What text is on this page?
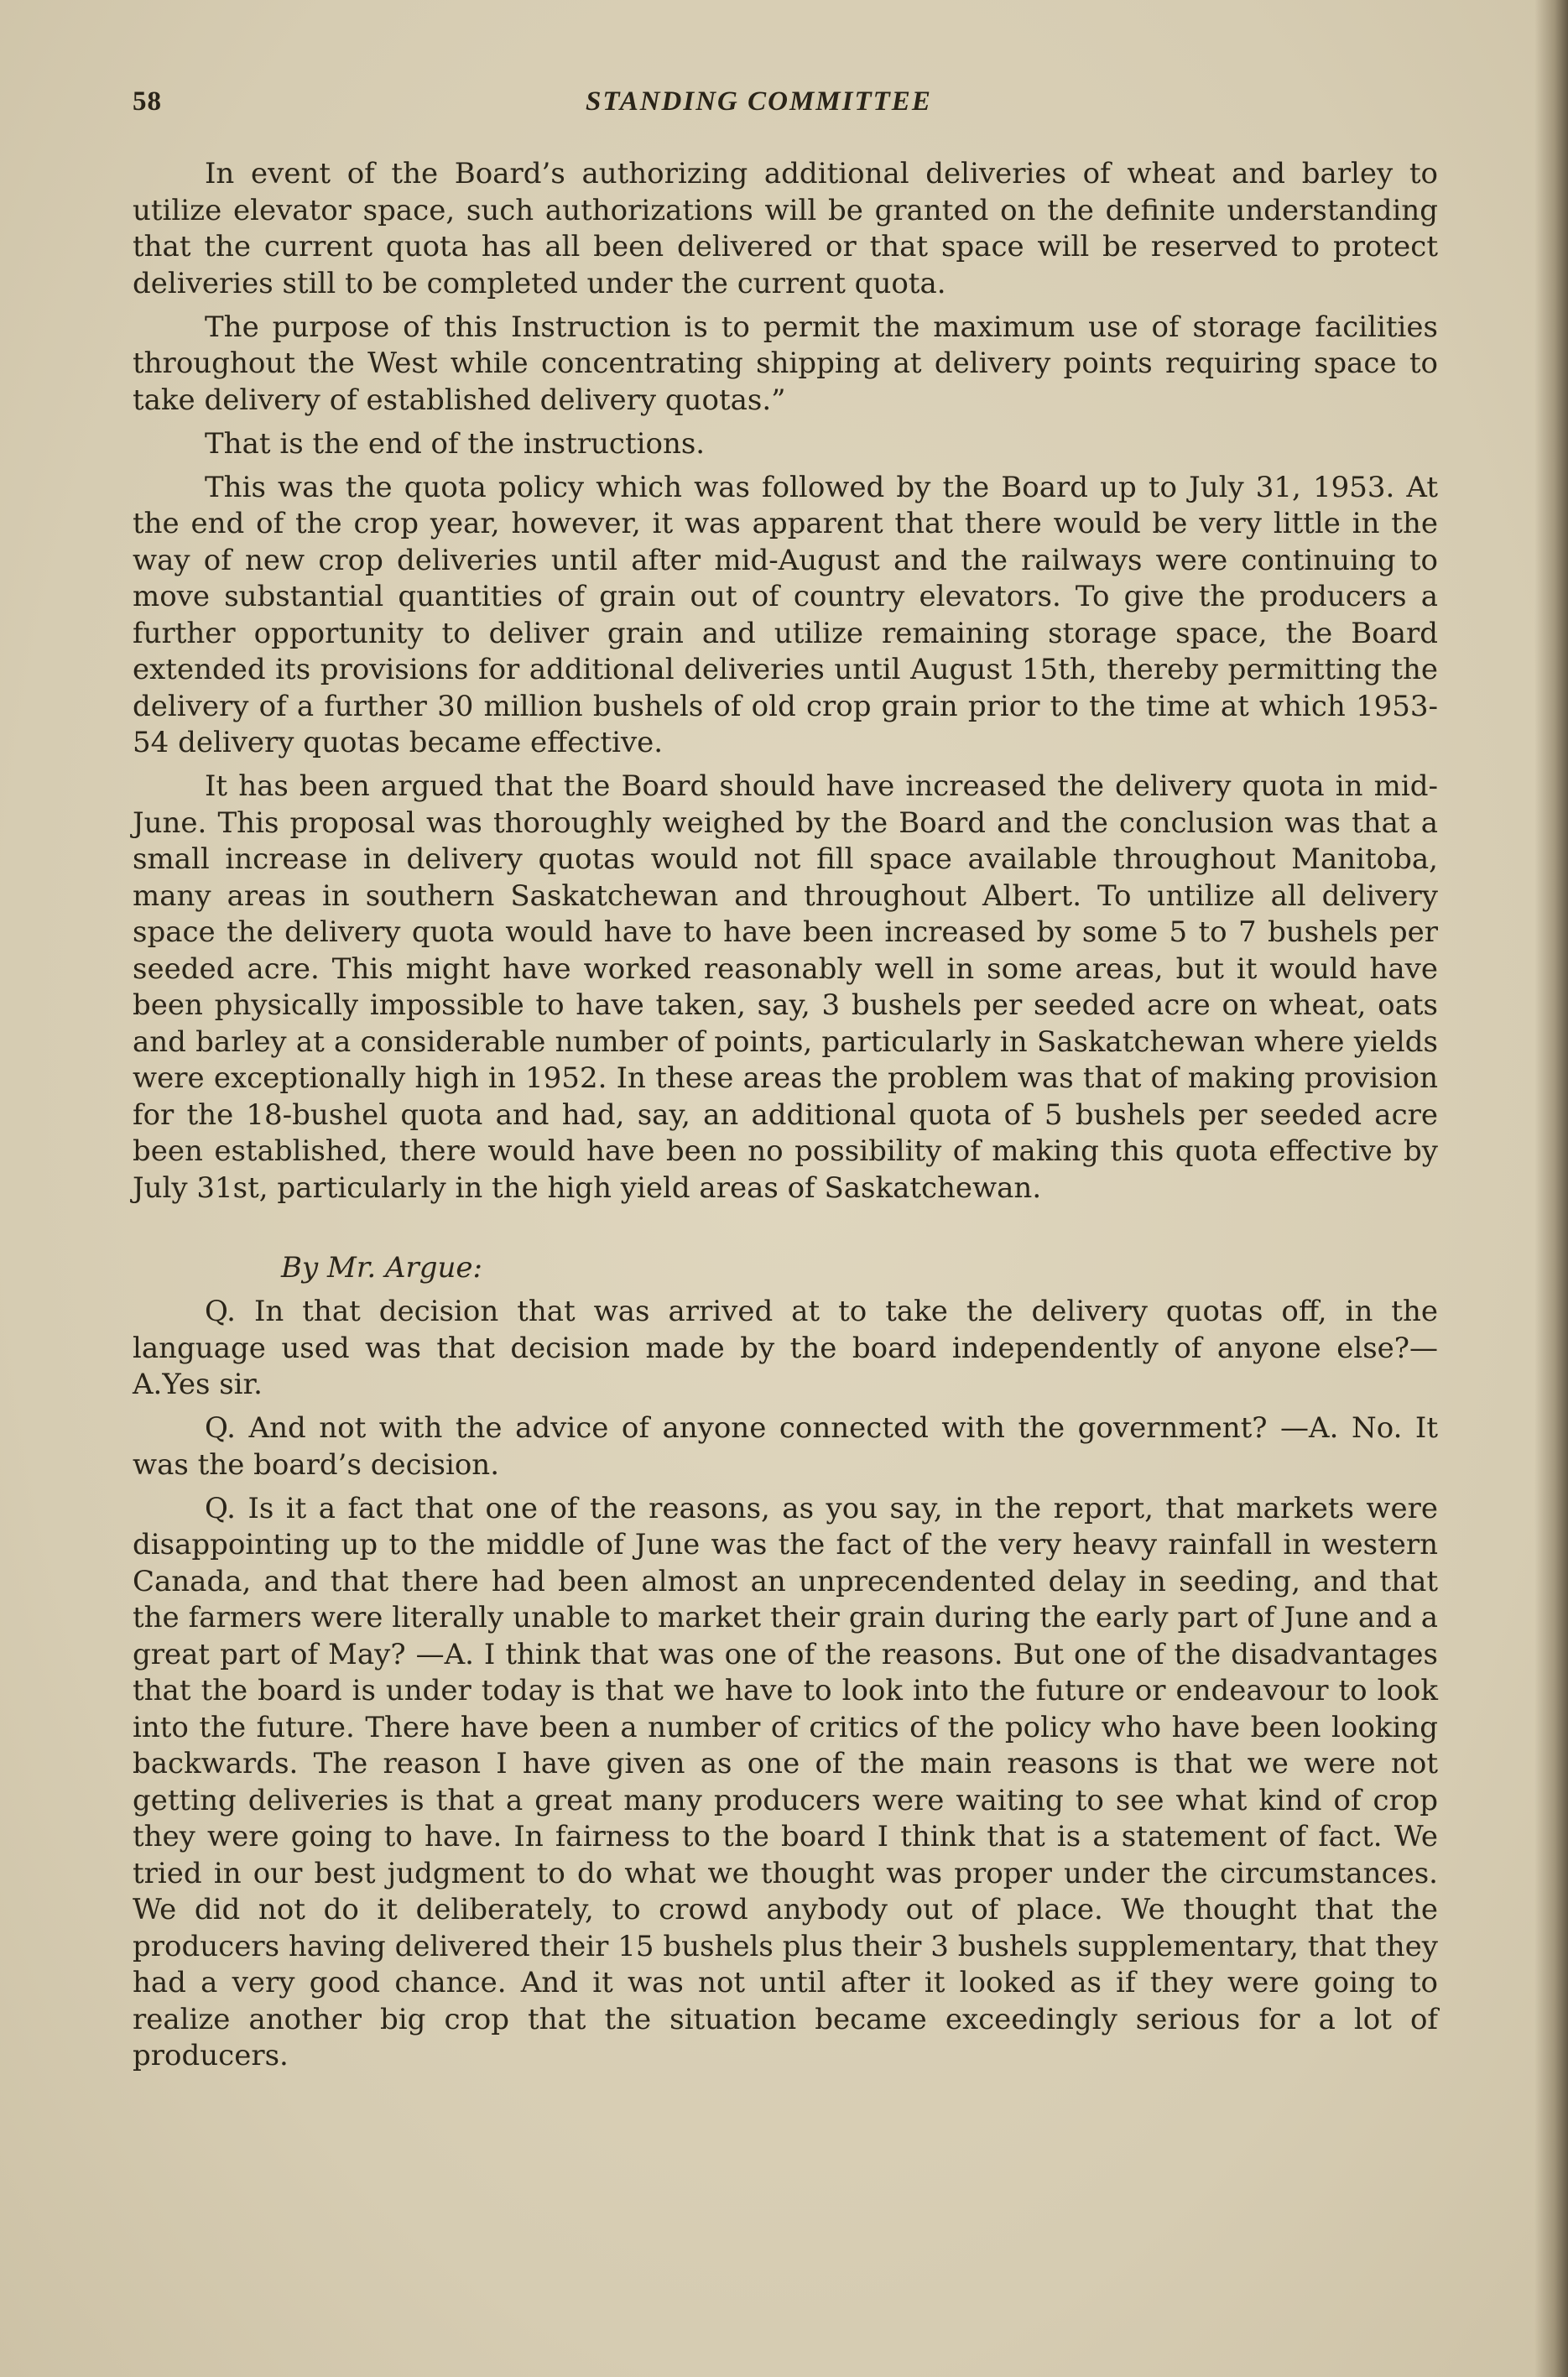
58	STANDING COMMITTEE

In event of the Board’s authorizing additional deliveries of wheat and barley to utilize elevator space, such authorizations will be granted on the definite understanding that the current quota has all been delivered or that space will be reserved to protect deliveries still to be completed under the current quota.

The purpose of this Instruction is to permit the maximum use of storage facilities throughout the West while concentrating shipping at delivery points requiring space to take delivery of established delivery quotas.”

That is the end of the instructions.

This was the quota policy which was followed by the Board up to July 31, 1953. At the end of the crop year, however, it was apparent that there would be very little in the way of new crop deliveries until after mid-August and the railways were continuing to move substantial quantities of grain out of country elevators. To give the producers a further opportunity to deliver grain and utilize remaining storage space, the Board extended its provisions for additional deliveries until August 15th, thereby permitting the delivery of a further 30 million bushels of old crop grain prior to the time at which 1953-54 delivery quotas became effective.

It has been argued that the Board should have increased the delivery quota in mid-June. This proposal was thoroughly weighed by the Board and the conclusion was that a small increase in delivery quotas would not fill space available throughout Manitoba, many areas in southern Saskatchewan and throughout Albert. To untilize all delivery space the delivery quota would have to have been increased by some 5 to 7 bushels per seeded acre. This might have worked reasonably well in some areas, but it would have been physically impossible to have taken, say, 3 bushels per seeded acre on wheat, oats and barley at a considerable number of points, particularly in Saskatchewan where yields were exceptionally high in 1952. In these areas the problem was that of making provision for the 18-bushel quota and had, say, an additional quota of 5 bushels per seeded acre been established, there would have been no possibility of making this quota effective by July 31st, particularly in the high yield areas of Saskatchewan.

By Mr. Argue:

Q. In that decision that was arrived at to take the delivery quotas off, in the language used was that decision made by the board independently of anyone else?—A.Yes sir.

Q. And not with the advice of anyone connected with the government? —A. No. It was the board’s decision.

Q. Is it a fact that one of the reasons, as you say, in the report, that markets were disappointing up to the middle of June was the fact of the very heavy rainfall in western Canada, and that there had been almost an unprecendented delay in seeding, and that the farmers were literally unable to market their grain during the early part of June and a great part of May? —A. I think that was one of the reasons. But one of the disadvantages that the board is under today is that we have to look into the future or endeavour to look into the future. There have been a number of critics of the policy who have been looking backwards. The reason I have given as one of the main reasons is that we were not getting deliveries is that a great many producers were waiting to see what kind of crop they were going to have. In fairness to the board I think that is a statement of fact. We tried in our best judgment to do what we thought was proper under the circumstances. We did not do it deliberately, to crowd anybody out of place. We thought that the producers having delivered their 15 bushels plus their 3 bushels supplementary, that they had a very good chance. And it was not until after it looked as if they were going to realize another big crop that the situation became exceedingly serious for a lot of producers.
